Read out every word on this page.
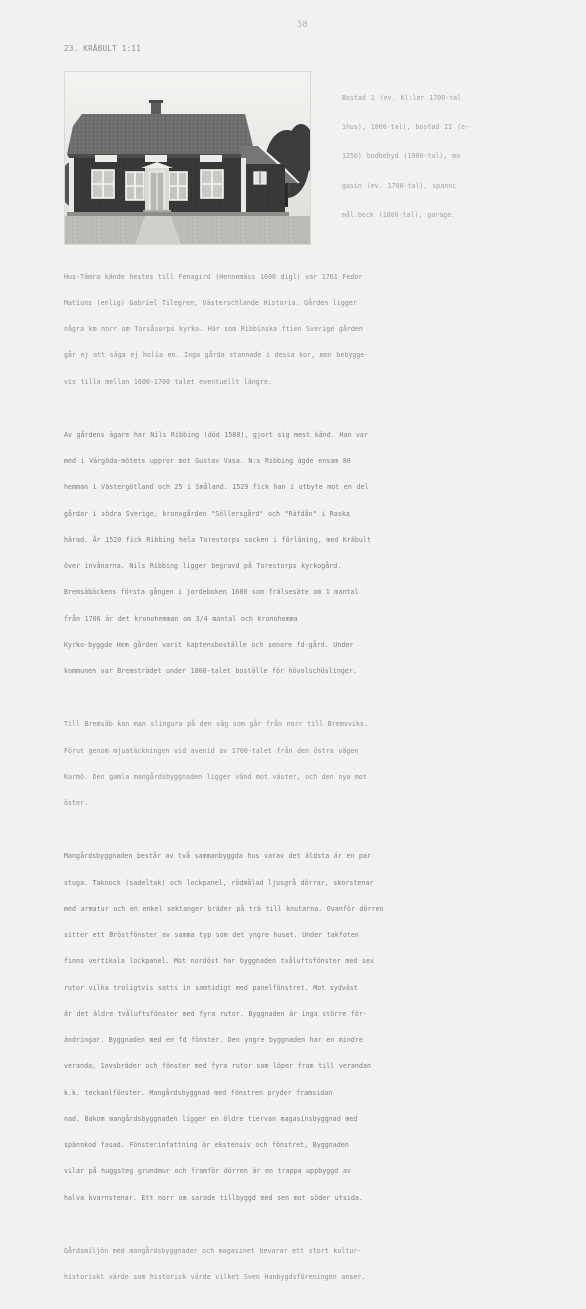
58
23. KRÄBULT 1:11

Bostad 1 (ev. Kl:ler 1700-tal

1hus), 1800-tal), bostad II (e-

1250) bodbebyd (1900-tal), ma

gasin (ev. 1700-tal), spannc

mål.beck (1800-tal), garage.

Hus-Tämra kände hestes till Fenagird (Hennemäss 1600 digl) var 1761 Fedor

Matiuns (enlig) Gabriel Tilegren, Västerschlande Historia. Gården ligger

några km norr om Torsåsorps kyrka. Här som Ribbinska ftien Sverige gården

går ej att säga ej holia en. Inga gårda stannade i dessa kor, men bebygge-

vis tilla mellan 1600-1700 talet eventuellt längre.

Av gårdens ägare har Nils Ribbing (död 1580), gjort sig mest känd. Han var

med i Värgöda-mötets uppror mot Gustav Vasa. N:s Ribbing ägde ensam 80

hemman i Västergötland och 25 i Småland. 1529 fick han i utbyte mot en del

gårdar i södra Sverige, kronogården "Söllersgård" och "Räfdån" i Raska

härad. År 1520 fick Ribbing hela Torestorps socken i förläning, med Kräbult

över invånarna. Nils Ribbing ligger begravd på Torestorps kyrkogård.

Bremsäbäckens första gången i jordeboken 1680 som frälsesäte om 1 mantal

från 1706 är det kronohemman om 3/4 mantal och kronohemma

Kyrko-byggde Hem gården varit kaptensboställe och senare fd-gård. Under

kommunen var Bremsträdet under 1800-talet boställe för hövolschöslinger.

Till Bremsäb kan man slingura på den väg som går från norr till Bremsviks.

Förut genom mjuatäckningen vid avenid av 1700-talet från den östra vägen

Karmö. Den gamla mangårdsbyggnaden ligger vänd mot väster, och den nya mot

öster.

Mangårdsbyggnaden består av två sammanbyggda hus varav det äldsta är en par

stuga. Taknock (sadeltak) och lockpanel, rödmålad ljusgrå dörrar, skorstenar

med armatur och en enkel sektanger bräder på trä till knutarna. Ovanför dörren

sitter ett Bröstfönster av samma typ som det yngre huset. Under takfoten

finns vertikala lockpanel. Mot nordöst har byggnaden tvåluftsfönster med sex

rutor vilka troligtvis satts in samtidigt med panelfönstret. Mot sydväst

är det äldre tvåluftsfönster med fyra rutor. Byggnaden är inga större för-

ändringar. Byggnaden med en fd fönster. Den yngre byggnaden har en mindre

veranda, 1ovsbräder och fönster med fyra rutor som löper fram till verandan

k.k. teckanlfönster. Mangårdsbyggnad med fönstren pryder framsidan

nad. Bakom mangårdsbyggnaden ligger en äldre tiervan magasinsbyggnad med

spännkod fasad. Fönsterinfattning är ekstensiv och fönstret, Byggnaden

vilar på huggsteg grundmur och framför dörren är en trappa uppbyggd av

halva kvarnstenar. Ett norr om sarade tillbyggd med sen mot söder utsida.

Gårdsmiljön med mangårdsbyggnader och magasinet bevarar ett stort kultur-

historiskt värde som historisk värde vilket Sven Hanbygdsföreningen anser.
